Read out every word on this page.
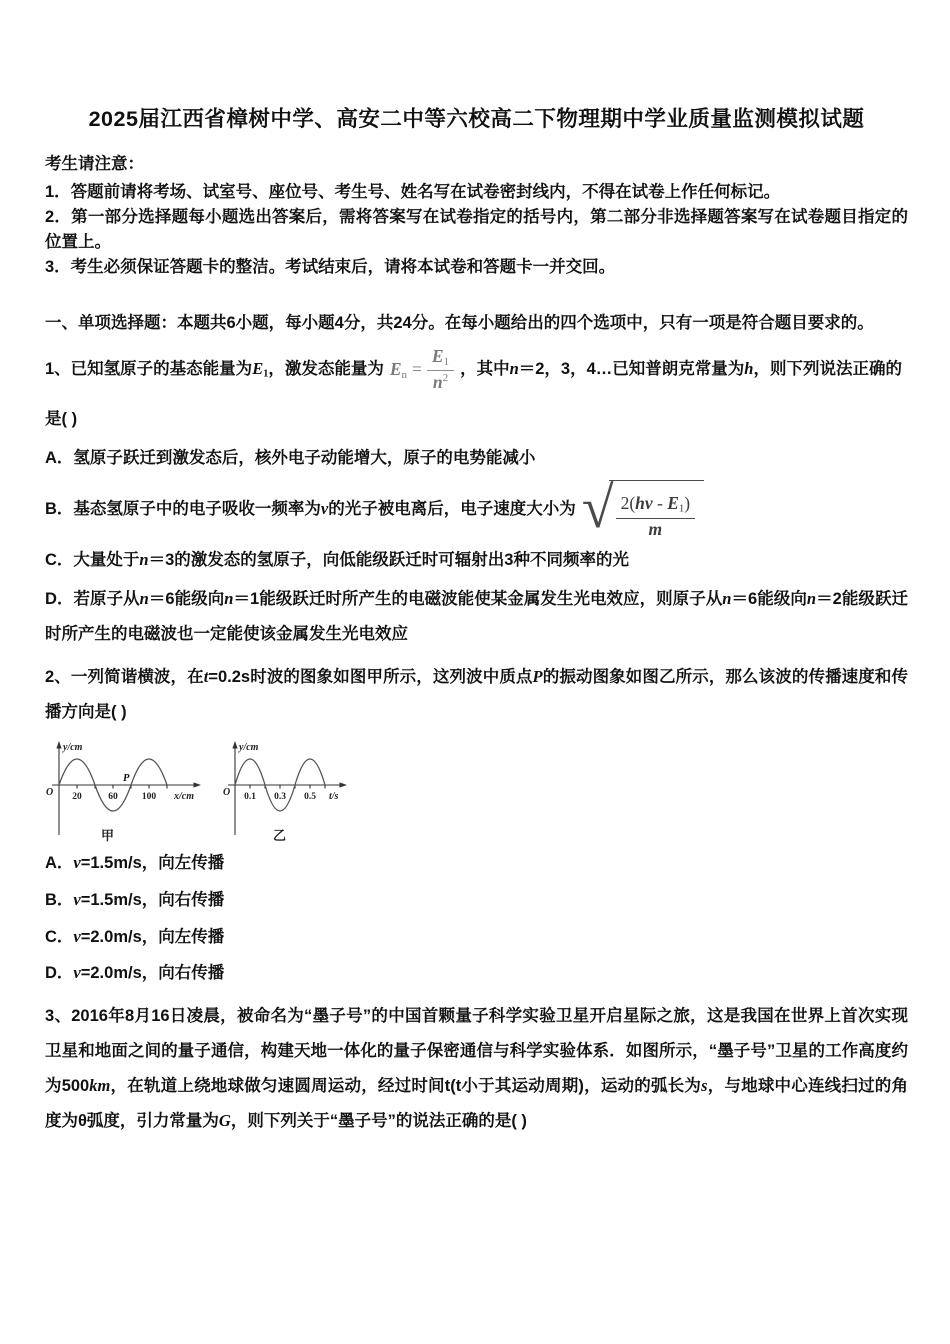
2025届江西省樟树中学、高安二中等六校高二下物理期中学业质量监测模拟试题

考生请注意：

1．答题前请将考场、试室号、座位号、考生号、姓名写在试卷密封线内，不得在试卷上作任何标记。

2．第一部分选择题每小题选出答案后，需将答案写在试卷指定的括号内，第二部分非选择题答案写在试卷题目指定的位置上。

3．考生必须保证答题卡的整洁。考试结束后，请将本试卷和答题卡一并交回。

一、单项选择题：本题共6小题，每小题4分，共24分。在每小题给出的四个选项中，只有一项是符合题目要求的。

1、已知氢原子的基态能量为$E_1$，激发态能量为 $En = \frac{E1}{n^2}$ ，其中n＝2，3，4…已知普朗克常量为h，则下列说法正确的

是( )

A．氢原子跃迁到激发态后，核外电子动能增大，原子的电势能减小

B．基态氢原子中的电子吸收一频率为v的光子被电离后，电子速度大小为 √ $\frac{2(hv - E_1)}{m}$

C．大量处于n＝3的激发态的氢原子，向低能级跃迁时可辐射出3种不同频率的光

D．若原子从n＝6能级向n＝1能级跃迁时所产生的电磁波能使某金属发生光电效应，则原子从n＝6能级向n＝2能级跃迁时所产生的电磁波也一定能使该金属发生光电效应

2、一列简谐横波，在t=0.2s时波的图象如图甲所示，这列波中质点P的振动图象如图乙所示，那么该波的传播速度和传播方向是( )

y/cm
O 20	60	100 x/cm
P
甲
y/cm
O 0.1 0.3 0.5 t/s
乙

A．v=1.5m/s，向左传播

B．v=1.5m/s，向右传播

C．v=2.0m/s，向左传播

D．v=2.0m/s，向右传播

3、2016年8月16日凌晨，被命名为“墨子号”的中国首颗量子科学实验卫星开启星际之旅，这是我国在世界上首次实现卫星和地面之间的量子通信，构建天地一体化的量子保密通信与科学实验体系．如图所示，“墨子号”卫星的工作高度约为500km，在轨道上绕地球做匀速圆周运动，经过时间t(t小于其运动周期)，运动的弧长为s，与地球中心连线扫过的角度为θ弧度，引力常量为G，则下列关于“墨子号”的说法正确的是( )
